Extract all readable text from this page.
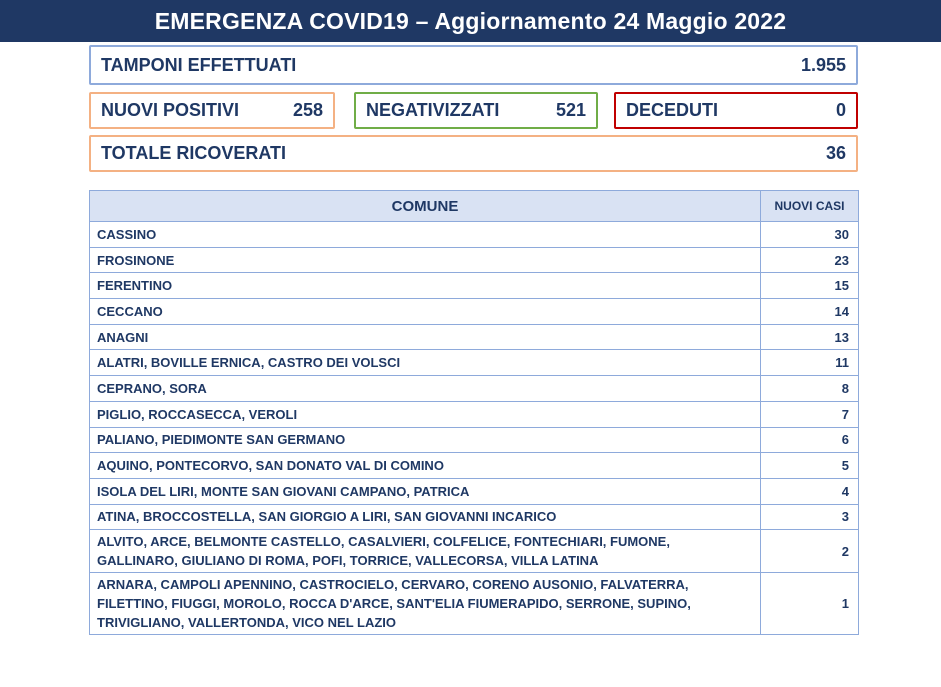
EMERGENZA COVID19 – Aggiornamento 24 Maggio 2022
TAMPONI EFFETTUATI	1.955
NUOVI POSITIVI	258 NEGATIVIZZATI	521 DECEDUTI	0
TOTALE RICOVERATI	36
COMUNE	NUOVI CASI
CASSINO	30
FROSINONE	23
FERENTINO	15
CECCANO	14
ANAGNI	13
ALATRI, BOVILLE ERNICA, CASTRO DEI VOLSCI	11
CEPRANO, SORA	8
PIGLIO, ROCCASECCA, VEROLI	7
PALIANO, PIEDIMONTE SAN GERMANO	6
AQUINO, PONTECORVO, SAN DONATO VAL DI COMINO	5
ISOLA DEL LIRI, MONTE SAN GIOVANI CAMPANO, PATRICA	4
ATINA, BROCCOSTELLA, SAN GIORGIO A LIRI, SAN GIOVANNI INCARICO	3
ALVITO, ARCE, BELMONTE CASTELLO, CASALVIERI, COLFELICE, FONTECHIARI, FUMONE, GALLINARO, GIULIANO DI ROMA, POFI, TORRICE, VALLECORSA, VILLA LATINA	2
ARNARA, CAMPOLI APENNINO, CASTROCIELO, CERVARO, CORENO AUSONIO, FALVATERRA, FILETTINO, FIUGGI, MOROLO, ROCCA D'ARCE, SANT'ELIA FIUMERAPIDO, SERRONE, SUPINO, TRIVIGLIANO, VALLERTONDA, VICO NEL LAZIO	1
